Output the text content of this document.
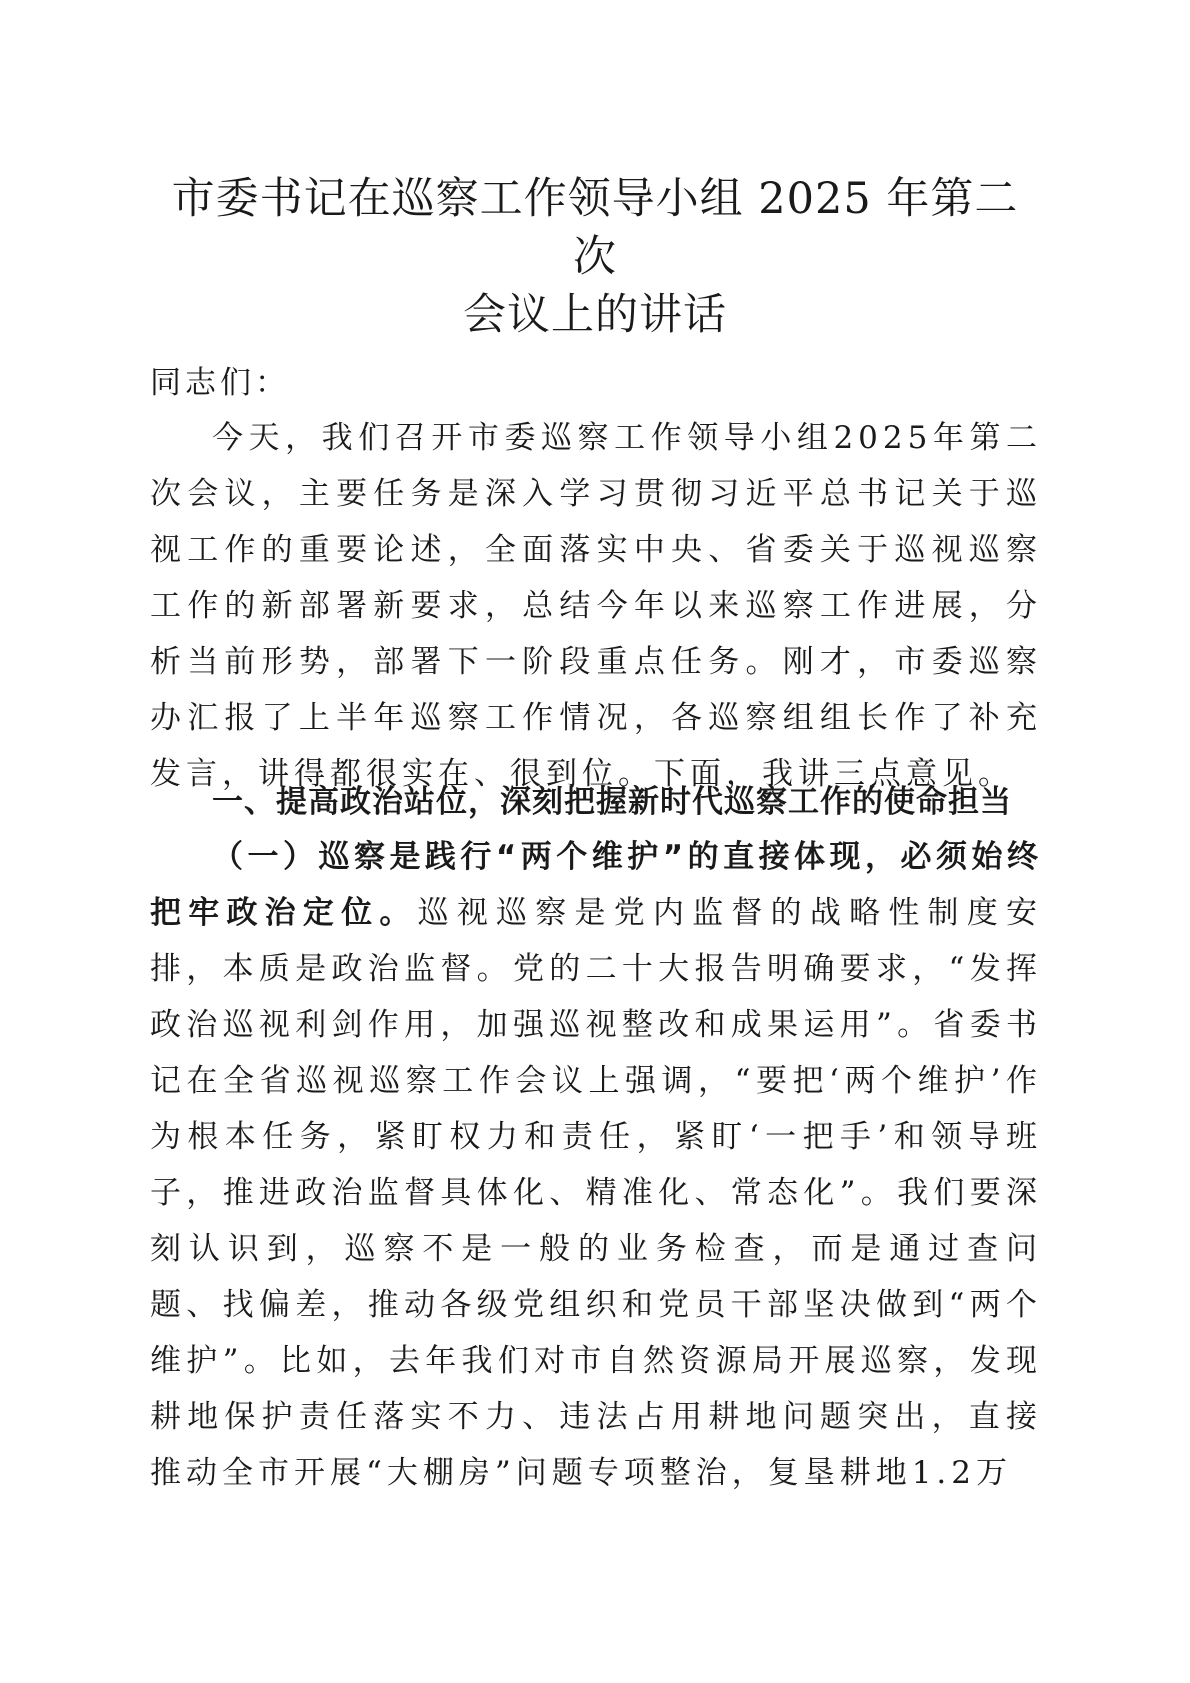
市委书记在巡察工作领导小组 2025 年第二次
会议上的讲话
同志们：

今天，我们召开市委巡察工作领导小组2025年第二次会议，主要任务是深入学习贯彻习近平总书记关于巡视工作的重要论述，全面落实中央、省委关于巡视巡察工作的新部署新要求，总结今年以来巡察工作进展，分析当前形势，部署下一阶段重点任务。刚才，市委巡察办汇报了上半年巡察工作情况，各巡察组组长作了补充发言，讲得都很实在、很到位。下面，我讲三点意见。

一、提高政治站位，深刻把握新时代巡察工作的使命担当

（一）巡察是践行“两个维护”的直接体现，必须始终把牢政治定位。巡视巡察是党内监督的战略性制度安排，本质是政治监督。党的二十大报告明确要求，“发挥政治巡视利剑作用，加强巡视整改和成果运用”。省委书记在全省巡视巡察工作会议上强调，“要把‘两个维护’作为根本任务，紧盯权力和责任，紧盯‘一把手’和领导班子，推进政治监督具体化、精准化、常态化”。我们要深刻认识到，巡察不是一般的业务检查，而是通过查问题、找偏差，推动各级党组织和党员干部坚决做到“两个维护”。比如，去年我们对市自然资源局开展巡察，发现耕地保护责任落实不力、违法占用耕地问题突出，直接推动全市开展“大棚房”问题专项整治，复垦耕地1.2万
